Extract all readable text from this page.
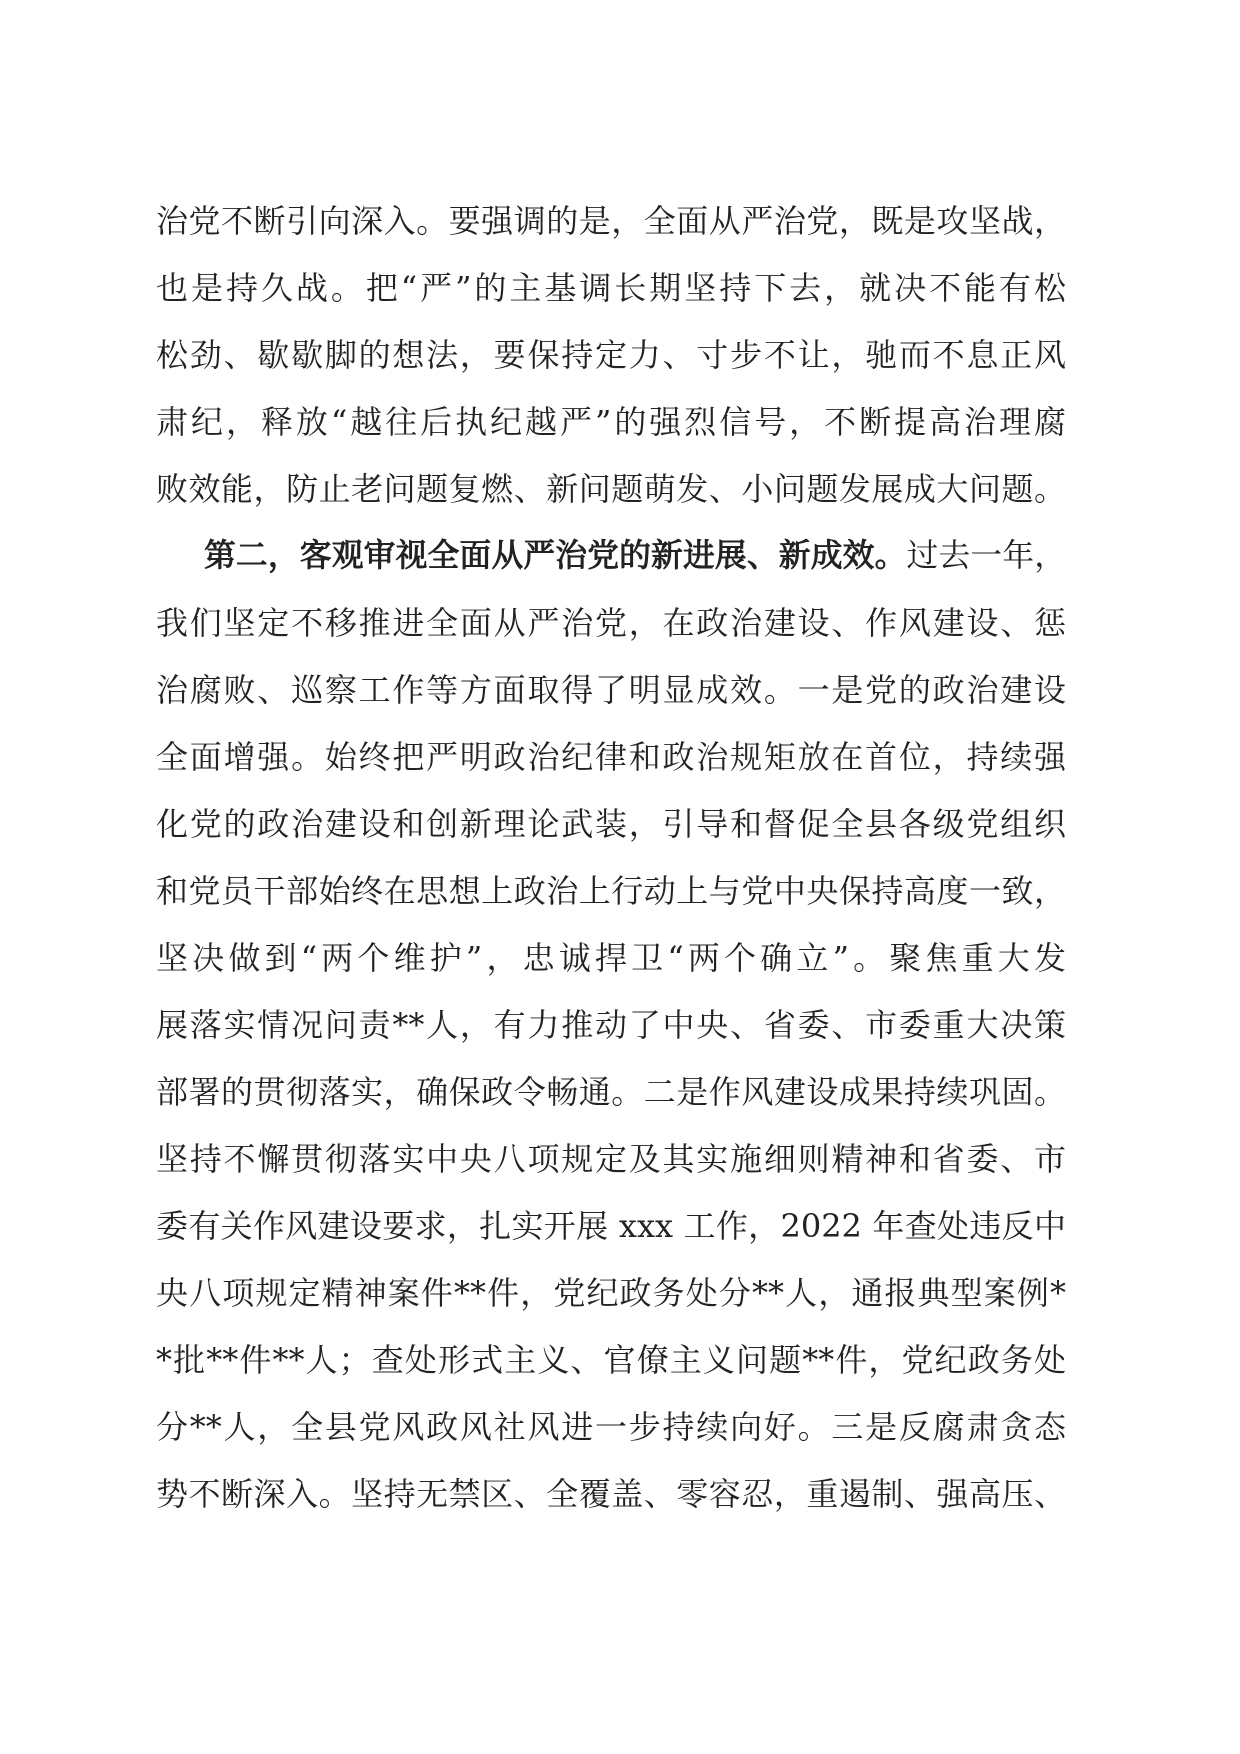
治党不断引向深入。要强调的是，全面从严治党，既是攻坚战，
也是持久战。把“严”的主基调长期坚持下去，就决不能有松
松劲、歇歇脚的想法，要保持定力、寸步不让，驰而不息正风
肃纪，释放“越往后执纪越严”的强烈信号，不断提高治理腐
败效能，防止老问题复燃、新问题萌发、小问题发展成大问题。
第二，客观审视全面从严治党的新进展、新成效。过去一年，
我们坚定不移推进全面从严治党，在政治建设、作风建设、惩
治腐败、巡察工作等方面取得了明显成效。一是党的政治建设
全面增强。始终把严明政治纪律和政治规矩放在首位，持续强
化党的政治建设和创新理论武装，引导和督促全县各级党组织
和党员干部始终在思想上政治上行动上与党中央保持高度一致，
坚决做到“两个维护”，忠诚捍卫“两个确立”。聚焦重大发
展落实情况问责**人，有力推动了中央、省委、市委重大决策
部署的贯彻落实，确保政令畅通。二是作风建设成果持续巩固。
坚持不懈贯彻落实中央八项规定及其实施细则精神和省委、市
委有关作风建设要求，扎实开展 xxx 工作，2022 年查处违反中
央八项规定精神案件**件，党纪政务处分**人，通报典型案例*
*批**件**人；查处形式主义、官僚主义问题**件，党纪政务处
分**人，全县党风政风社风进一步持续向好。三是反腐肃贪态
势不断深入。坚持无禁区、全覆盖、零容忍，重遏制、强高压、
